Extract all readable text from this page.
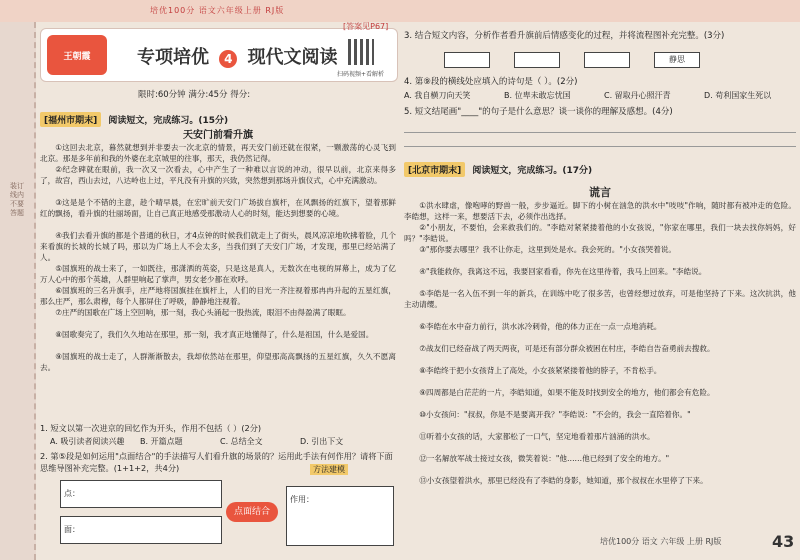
培优100分 语文六年级上册 RJ版
装订线内不要答题
王朝霞	专项培优 4 现代文阅读
[答案见P67]
扫码视频+看解析
限时:60分钟 满分:45分 得分:
[福州市期末] 阅读短文，完成练习。(15分)
天安门前看升旗
①这回去北京，暮然就想到并非要去一次北京的情景，再天安门前还就在很紧，一颗激荡的心灵飞到北京。那是多年前和我的外婆在北京城里的往事，那天，我仍然记得。
②纪念碑就在眼前，我一次又一次看去，心中产生了一种难以言说的冲动，很早以前，北京来得多了，故宫，西山去过，八达岭也上过，平凡没有升旗的兴致，突然想到那场升旗仪式，心中充满激动。
③这是是个不错的主意，趁个晴早晨，在宏旷前天安门广场拔自旗杆，在风飘扬的红旗下，望着那鲜红的飘扬，看升旗的壮丽场面，让自己真正地感受那激动人心的时刻，能达到想要的心境。
④我们去看升旗的都是个普通的秋日，才4点钟的时候我们就走上了街头，晨风凉凉地吹拂着脸，几个来看旗的长城的长城了吗，那以为广场上人不会太多，当我们到了天安门广场，才发现，那里已经站满了人。
⑤国旗班的战士来了，一如既往，那潇洒的英姿，只是这是真人，无数次在电视的屏幕上，成为了亿万人心中的那个英雄，人群里响起了掌声，男女老少都在欢呼。
⑥国旗班的三名升旗手，庄严地将国旗挂在旗杆上，人们的目光一齐注视着那冉冉升起的五星红旗，那么庄严，那么肃穆，每个人都屏住了呼吸，静静地注视着。
⑦庄严的国歌在广场上空回响，那一刻，我心头涌起一股热流，眼泪不由得盈满了眼眶。
⑧国歌奏完了，我们久久地站在那里，那一刻，我才真正地懂得了，什么是祖国，什么是爱国。
⑨国旗班的战士走了，人群渐渐散去，我却依然站在那里，仰望那高高飘扬的五星红旗，久久不愿离去。
1. 短文以第一次进京的回忆作为开头，作用不包括（ ）(2分)
A. 吸引读者阅读兴趣 B. 开篇点题	C. 总结全文	D. 引出下文
2. 第⑤段是如何运用"点面结合"的手法描写人们看升旗的场景的？运用此手法有何作用？请将下面思维导图补充完整。(1+1+2，共4分)	方法建模
点：
面：
点面结合
作用：
3. 结合短文内容，分析作者看升旗前后情感变化的过程，并将流程图补充完整。(3分)
静思
4. 第⑨段的横线处应填入的诗句是（ ）。(2分)
A. 我自横刀向天笑	B. 位卑未敢忘忧国	C. 留取丹心照汗青	D. 苟利国家生死以
5. 短文结尾画"____"的句子是什么意思？谈一谈你的理解及感想。(4分)
[北京市期末] 阅读短文，完成练习。(17分)
谎言
①洪水肆虐，像咆哮的野兽一般，步步逼近。脚下的小树在汹急的洪水中"吱吱"作响，随时都有被冲走的危险。李皓想，这样一来，想要活下去，必须作出选择。
②"小朋友，不要怕，会来救我们的。"李皓对紧紧搂着他的小女孩说，"你家在哪里，我们一块去找你妈妈，好吗？"李皓说。
③"那你要去哪里？我不让你走，这里到处是水。我会死的。"小女孩哭着说。
④"我能救你，我离这不远，我要回家看看，你先在这里待着，我马上回来。"李皓说。
⑤李皓是一名入伍不到一年的新兵，在训练中吃了很多苦，也曾经想过放弃，可是他坚持了下来。这次抗洪，他主动请缨。
⑥李皓在水中奋力前行，洪水冰冷刺骨，他的体力正在一点一点地消耗。
⑦战友们已经奋战了两天两夜，可是还有部分群众被困在村庄，李皓自告奋勇前去搜救。
⑧李皓终于把小女孩背上了高处，小女孩紧紧搂着他的脖子，不肯松手。
⑨四周都是白茫茫的一片，李皓知道，如果不能及时找到安全的地方，他们都会有危险。
⑩小女孩问："叔叔，你是不是要离开我？"李皓说："不会的，我会一直陪着你。"
⑪听着小女孩的话，大家都松了一口气，坚定地看着那片汹涌的洪水。
⑫一名解放军战士接过女孩，微笑着说："他……他已经到了安全的地方。"
⑬小女孩望着洪水，那里已经没有了李皓的身影，她知道，那个叔叔在水里停了下来。
培优100分 语文 六年级 上册 RJ版	43
